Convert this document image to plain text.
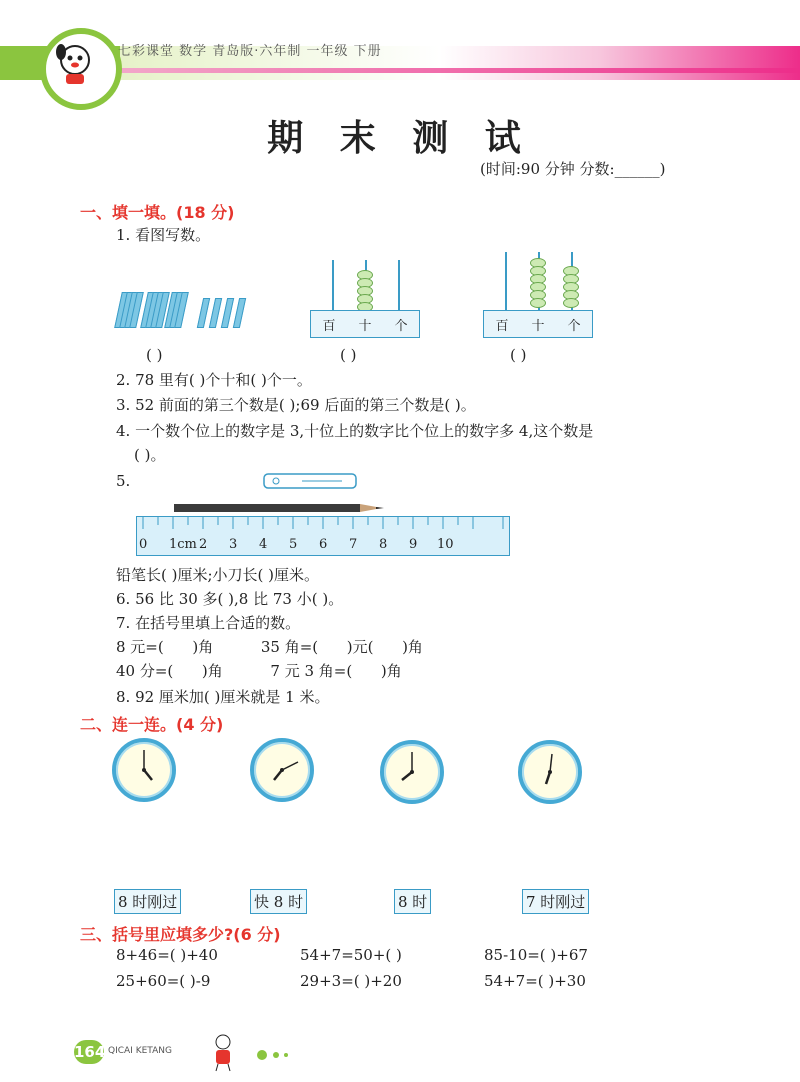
七彩课堂 数学 青岛版·六年制 一年级 下册
期 末 测 试
(时间:90 分钟 分数:______)
一、填一填。(18 分)
1. 看图写数。
百 十 个	百 十 个
( )	( )	( )
2. 78 里有( )个十和( )个一。
3. 52 前面的第三个数是( );69 后面的第三个数是( )。
4. 一个数个位上的数字是 3,十位上的数字比个位上的数字多 4,这个数是
( )。
5.
0 1cm 2 3 4 5 6 7 8 9 10
铅笔长( )厘米;小刀长( )厘米。
6. 56 比 30 多( ),8 比 73 小( )。
7. 在括号里填上合适的数。
8 元=(      )角          35 角=(      )元(      )角
40 分=(      )角          7 元 3 角=(      )角
8. 92 厘米加( )厘米就是 1 米。
二、连一连。(4 分)
8 时刚过	快 8 时	8 时	7 时刚过
三、括号里应填多少?(6 分)
8+46=( )+40	54+7=50+( )	85-10=( )+67
25+60=( )-9	29+3=( )+20	54+7=( )+30
164 QICAI KETANG
